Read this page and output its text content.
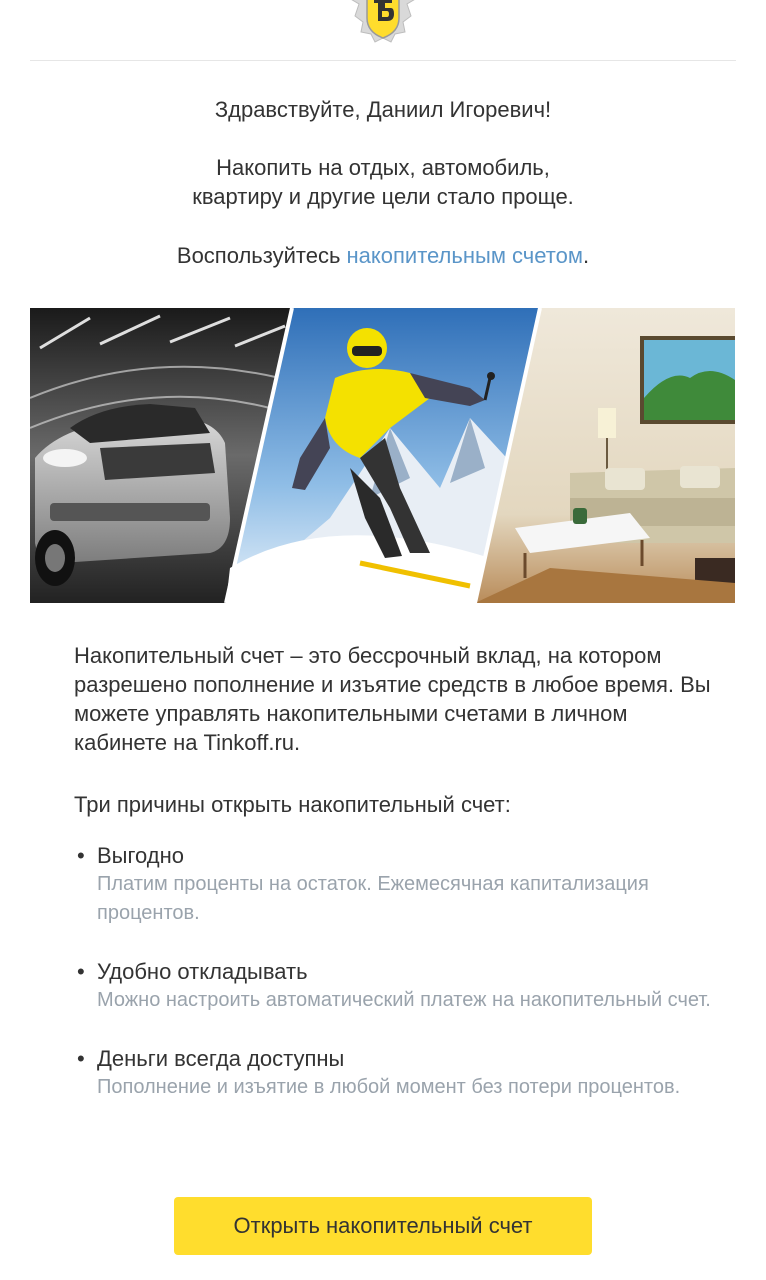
Здравствуйте, Даниил Игоревич!

Накопить на отдых, автомобиль,
квартиру и другие цели стало проще.

Воспользуйтесь накопительным счетом.

Накопительный счет – это бессрочный вклад, на котором разрешено пополнение и изъятие средств в любое время. Вы можете управлять накопительными счетами в личном кабинете на Tinkoff.ru.

Три причины открыть накопительный счет:

• Выгодно
Платим проценты на остаток. Ежемесячная капитализация процентов.
• Удобно откладывать
Можно настроить автоматический платеж на накопительный счет.
• Деньги всегда доступны
Пополнение и изъятие в любой момент без потери процентов.
Открыть накопительный счет
